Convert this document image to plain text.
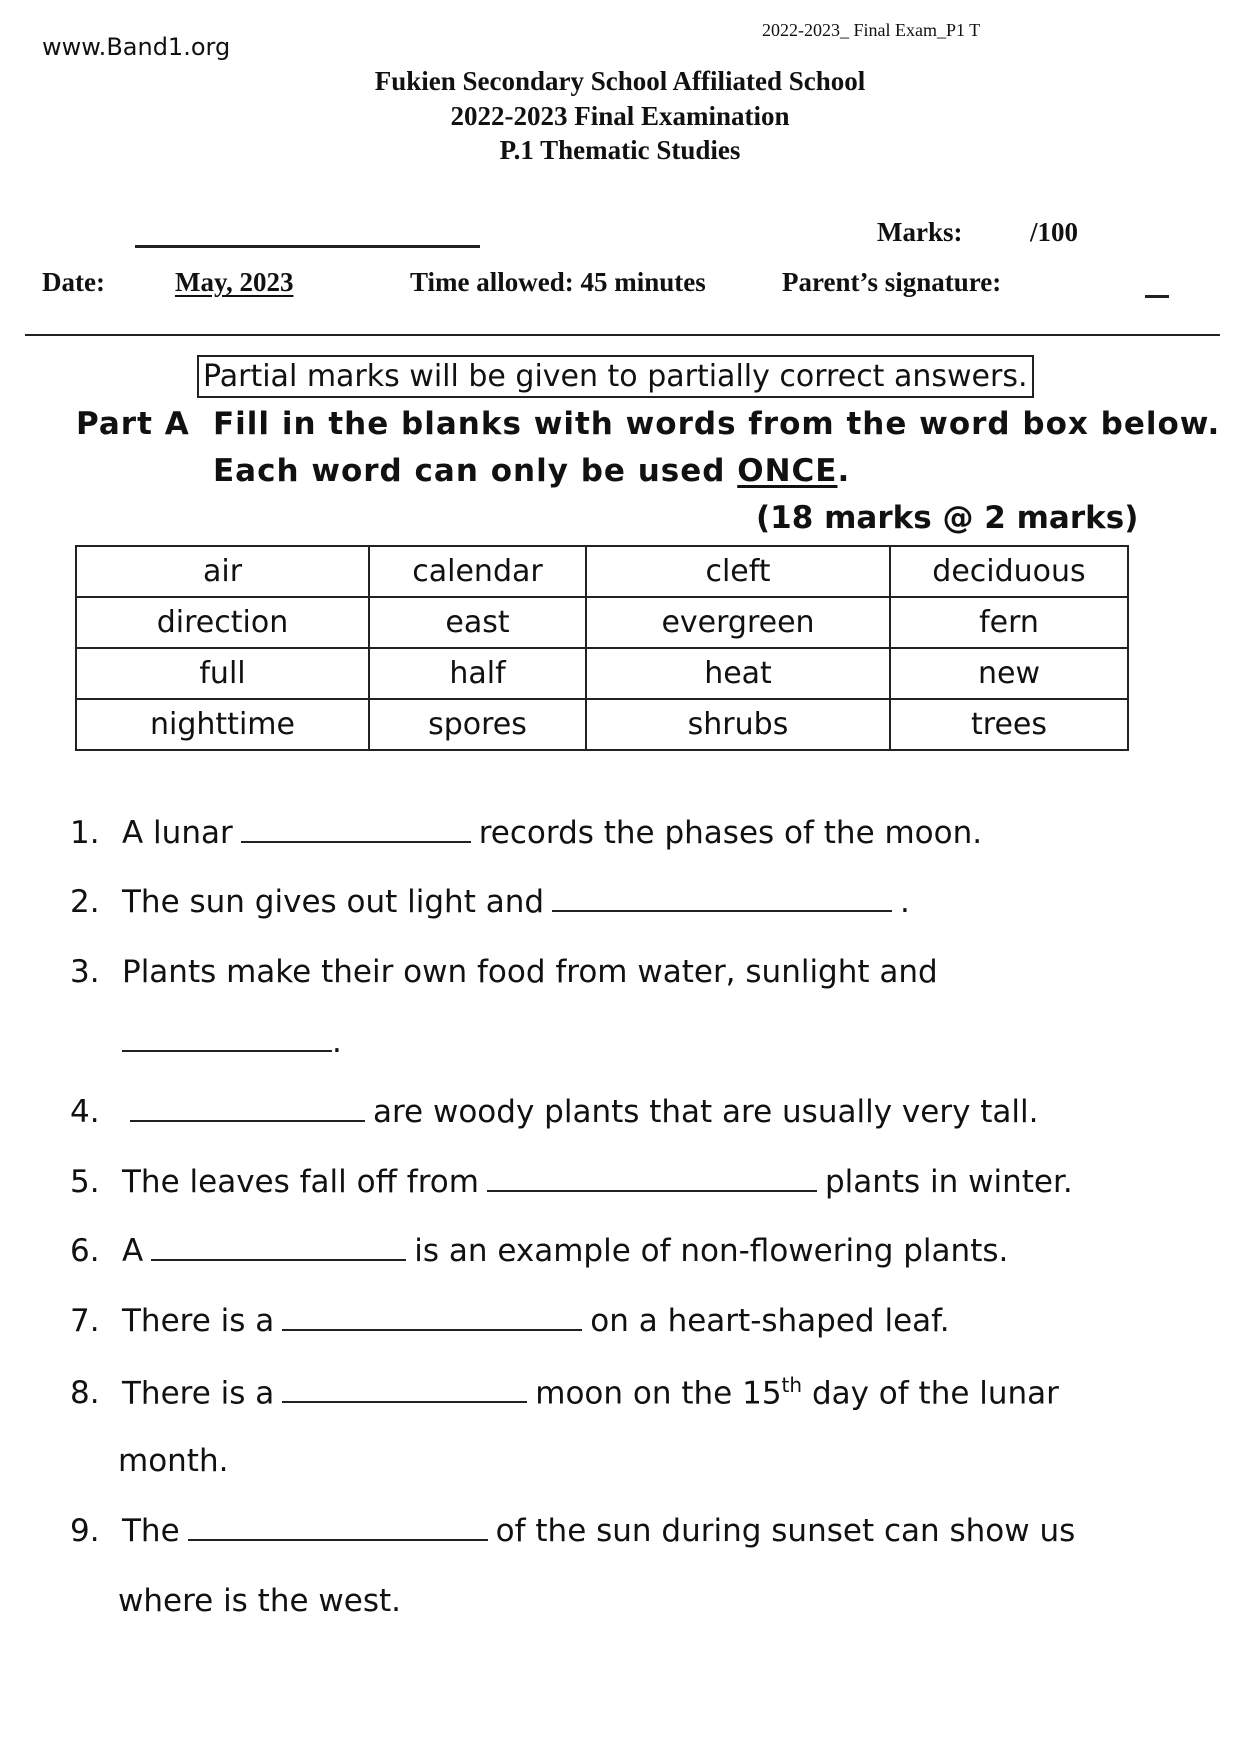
www.Band1.org
2022-2023_ Final Exam_P1 T
Fukien Secondary School Affiliated School
2022-2023 Final Examination
P.1 Thematic Studies
Marks:	/100
Date:	May, 2023	Time allowed: 45 minutes	Parent’s signature:
Partial marks will be given to partially correct answers.
Part A Fill in the blanks with words from the word box below.
Each word can only be used ONCE.
(18 marks @ 2 marks)
air	calendar	cleft	deciduous
direction	east	evergreen	fern
full	half	heat	new
nighttime	spores	shrubs	trees
1. A lunar	records the phases of the moon.
2. The sun gives out light and	.
3. Plants make their own food from water, sunlight and
.
4.	are woody plants that are usually very tall.
5. The leaves fall off from	plants in winter.
6. A	is an example of non-flowering plants.
7. There is a	on a heart-shaped leaf.
8. There is a	moon on the 15th day of the lunar
month.
9. The	of the sun during sunset can show us
where is the west.
